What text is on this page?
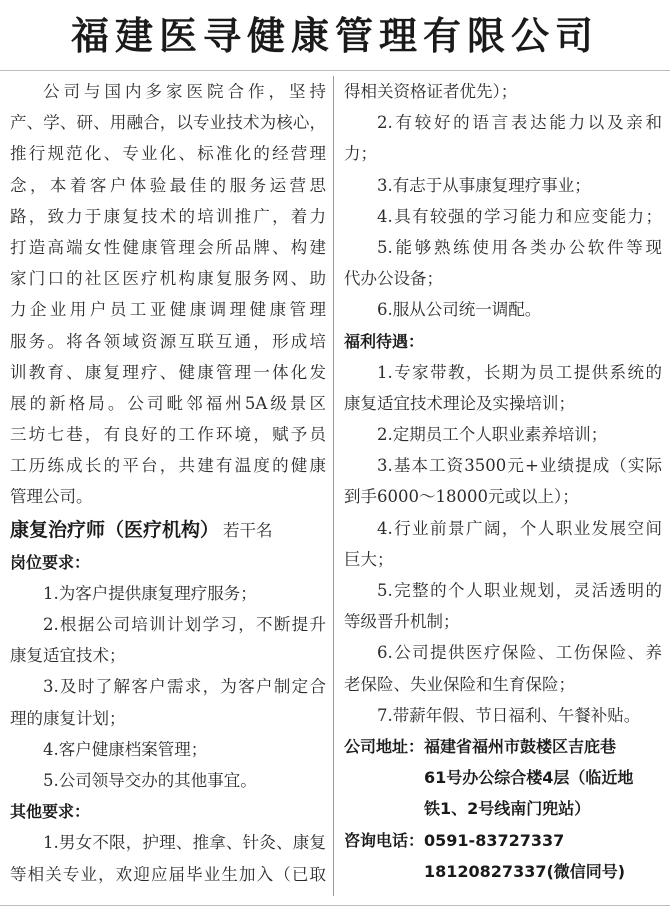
福建医寻健康管理有限公司
公司与国内多家医院合作，坚持
产、学、研、用融合，以专业技术为核心，
推行规范化、专业化、标准化的经营理
念，本着客户体验最佳的服务运营思
路，致力于康复技术的培训推广，着力
打造高端女性健康管理会所品牌、构建
家门口的社区医疗机构康复服务网、助
力企业用户员工亚健康调理健康管理
服务。将各领域资源互联互通，形成培
训教育、康复理疗、健康管理一体化发
展的新格局。公司毗邻福州5A级景区
三坊七巷，有良好的工作环境，赋予员
工历练成长的平台，共建有温度的健康
管理公司。
康复治疗师（医疗机构） 若干名
岗位要求：
1.为客户提供康复理疗服务；
2.根据公司培训计划学习，不断提升
康复适宜技术；
3.及时了解客户需求，为客户制定合
理的康复计划；
4.客户健康档案管理；
5.公司领导交办的其他事宜。
其他要求：
1.男女不限，护理、推拿、针灸、康复
等相关专业，欢迎应届毕业生加入（已取
得相关资格证者优先）；
2.有较好的语言表达能力以及亲和
力；
3.有志于从事康复理疗事业；
4.具有较强的学习能力和应变能力；
5.能够熟练使用各类办公软件等现
代办公设备；
6.服从公司统一调配。
福利待遇：
1.专家带教，长期为员工提供系统的
康复适宜技术理论及实操培训；
2.定期员工个人职业素养培训；
3.基本工资3500元+业绩提成（实际
到手6000～18000元或以上）；
4.行业前景广阔，个人职业发展空间
巨大；
5.完整的个人职业规划，灵活透明的
等级晋升机制；
6.公司提供医疗保险、工伤保险、养
老保险、失业保险和生育保险；
7.带薪年假、节日福利、午餐补贴。
公司地址：福建省福州市鼓楼区吉庇巷
61号办公综合楼4层（临近地
铁1、2号线南门兜站）
咨询电话：0591-83727337
18120827337(微信同号)
